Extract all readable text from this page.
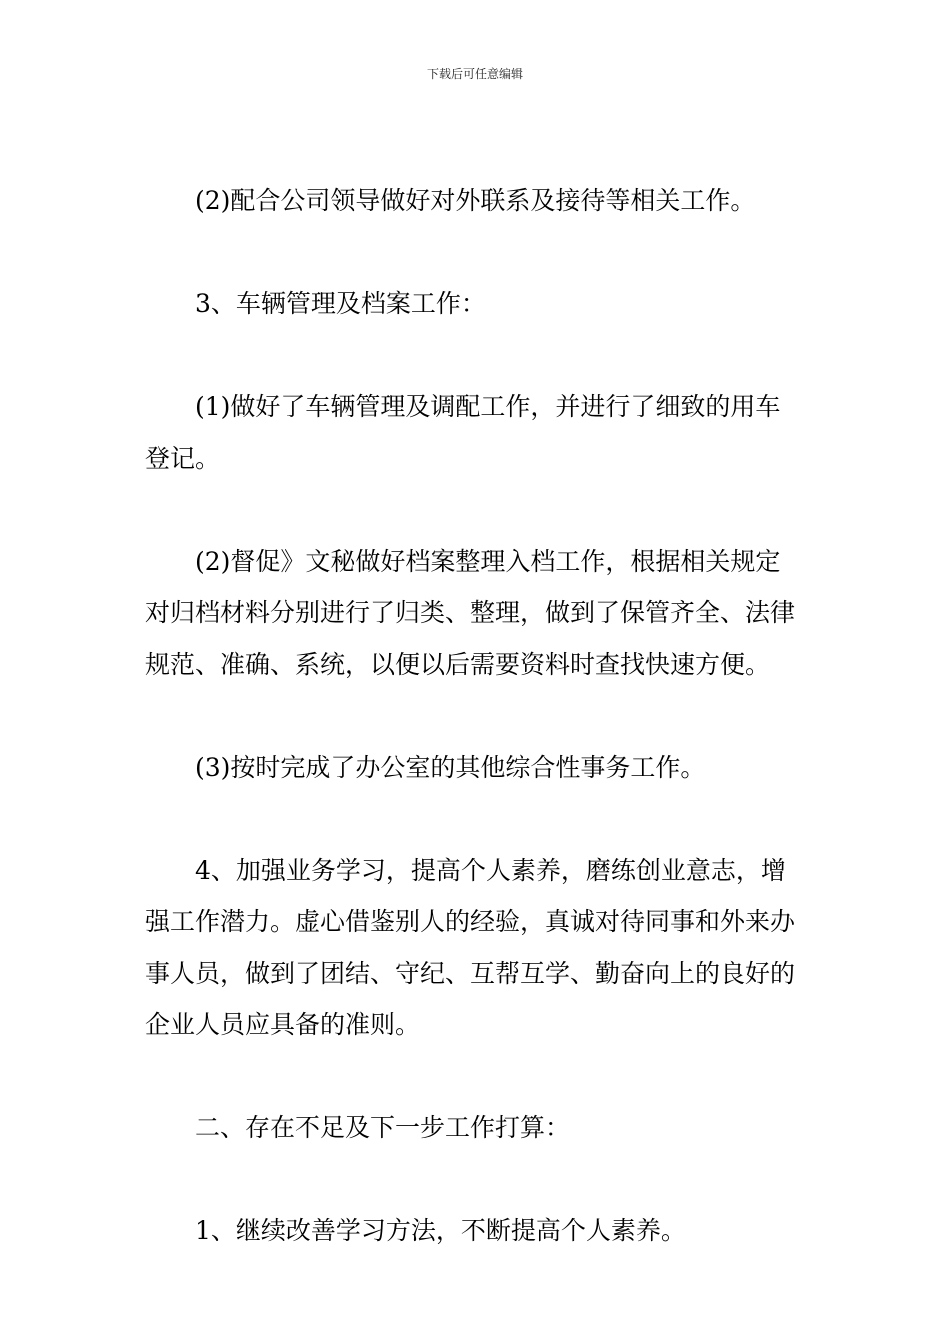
下载后可任意编辑

(2)配合公司领导做好对外联系及接待等相关工作。

3、车辆管理及档案工作：

(1)做好了车辆管理及调配工作，并进行了细致的用车登记。

(2)督促》文秘做好档案整理入档工作，根据相关规定对归档材料分别进行了归类、整理，做到了保管齐全、法律规范、准确、系统，以便以后需要资料时查找快速方便。

(3)按时完成了办公室的其他综合性事务工作。

4、加强业务学习，提高个人素养，磨练创业意志，增强工作潜力。虚心借鉴别人的经验，真诚对待同事和外来办事人员，做到了团结、守纪、互帮互学、勤奋向上的良好的企业人员应具备的准则。

二、存在不足及下一步工作打算：

1、继续改善学习方法，不断提高个人素养。
